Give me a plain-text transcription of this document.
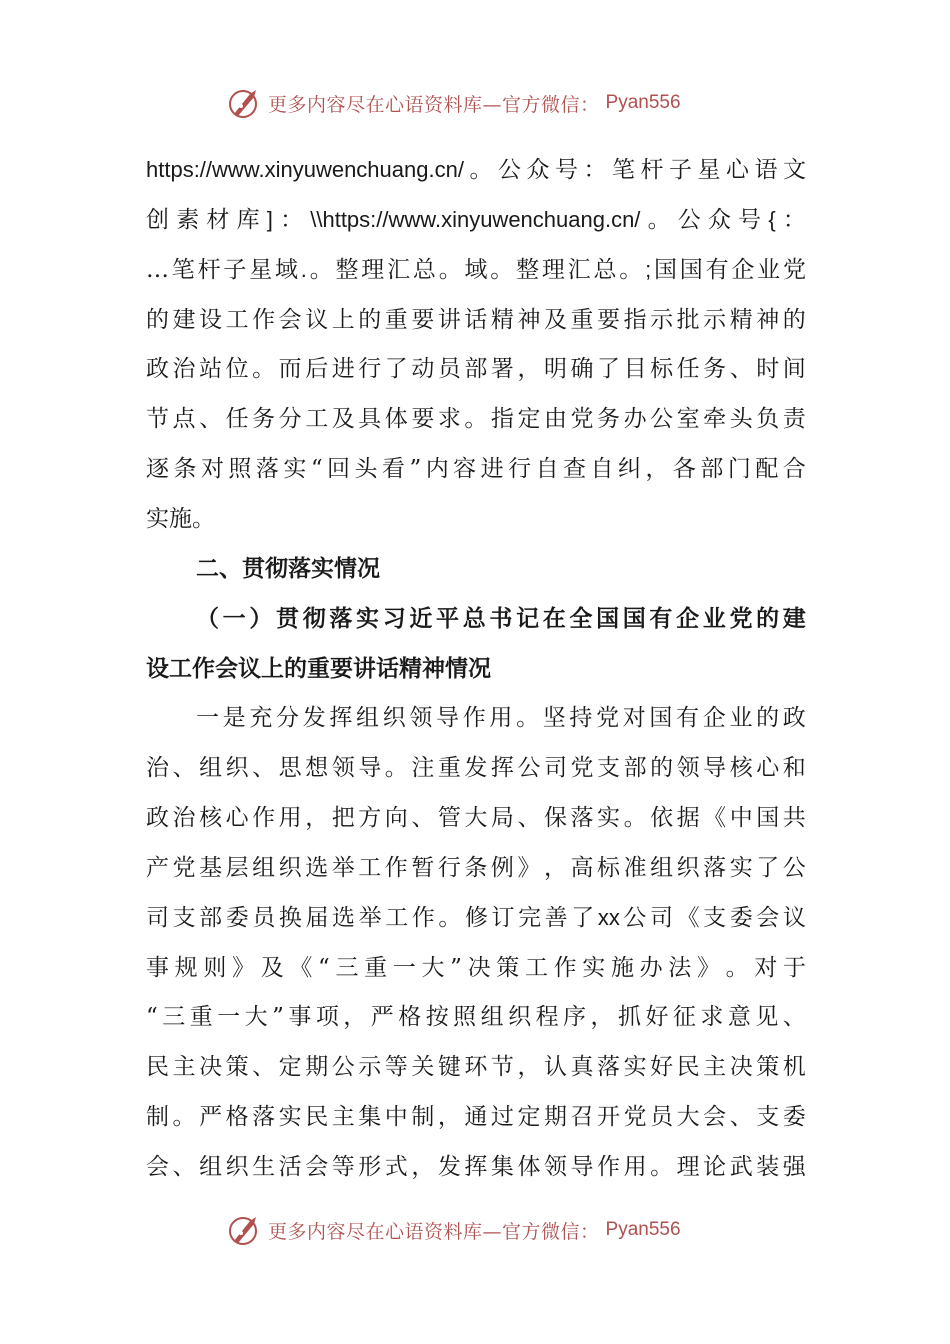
更多内容尽在心语资料库—官方微信： Pyan556
https://www.xinyuwenchuang.cn/ 。 公 众 号 ： 笔 杆 子 星 心 语 文
创 素 材 库 ] ： \\https://www.xinyuwenchuang.cn/ 。 公 众 号 { ：
… 笔 杆 子 星 域 . 。 整 理 汇 总 。 域 。 整 理 汇 总 。 ; 国 国 有 企 业 党
的 建 设 工 作 会 议 上 的 重 要 讲 话 精 神 及 重 要 指 示 批 示 精 神 的
政 治 站 位 。 而 后 进 行 了 动 员 部 署 ， 明 确 了 目 标 任 务 、 时 间
节 点 、 任 务 分 工 及 具 体 要 求 。 指 定 由 党 务 办 公 室 牵 头 负 责
逐 条 对 照 落 实 “ 回 头 看 ” 内 容 进 行 自 查 自 纠 ， 各 部 门 配 合
实施。
二、贯彻落实情况
（ 一 ） 贯 彻 落 实 习 近 平 总 书 记 在 全 国 国 有 企 业 党 的 建
设工作会议上的重要讲话精神情况
一 是 充 分 发 挥 组 织 领 导 作 用 。 坚 持 党 对 国 有 企 业 的 政
治 、 组 织 、 思 想 领 导 。 注 重 发 挥 公 司 党 支 部 的 领 导 核 心 和
政 治 核 心 作 用 ， 把 方 向 、 管 大 局 、 保 落 实 。 依 据 《 中 国 共
产 党 基 层 组 织 选 举 工 作 暂 行 条 例 》 ， 高 标 准 组 织 落 实 了 公
司 支 部 委 员 换 届 选 举 工 作 。 修 订 完 善 了 xx 公 司 《 支 委 会 议
事 规 则 》 及 《 “ 三 重 一 大 ” 决 策 工 作 实 施 办 法 》 。 对 于
“ 三 重 一 大 ” 事 项 ， 严 格 按 照 组 织 程 序 ， 抓 好 征 求 意 见 、
民 主 决 策 、 定 期 公 示 等 关 键 环 节 ， 认 真 落 实 好 民 主 决 策 机
制 。 严 格 落 实 民 主 集 中 制 ， 通 过 定 期 召 开 党 员 大 会 、 支 委
会 、 组 织 生 活 会 等 形 式 ， 发 挥 集 体 领 导 作 用 。 理 论 武 装 强
更多内容尽在心语资料库—官方微信： Pyan556
